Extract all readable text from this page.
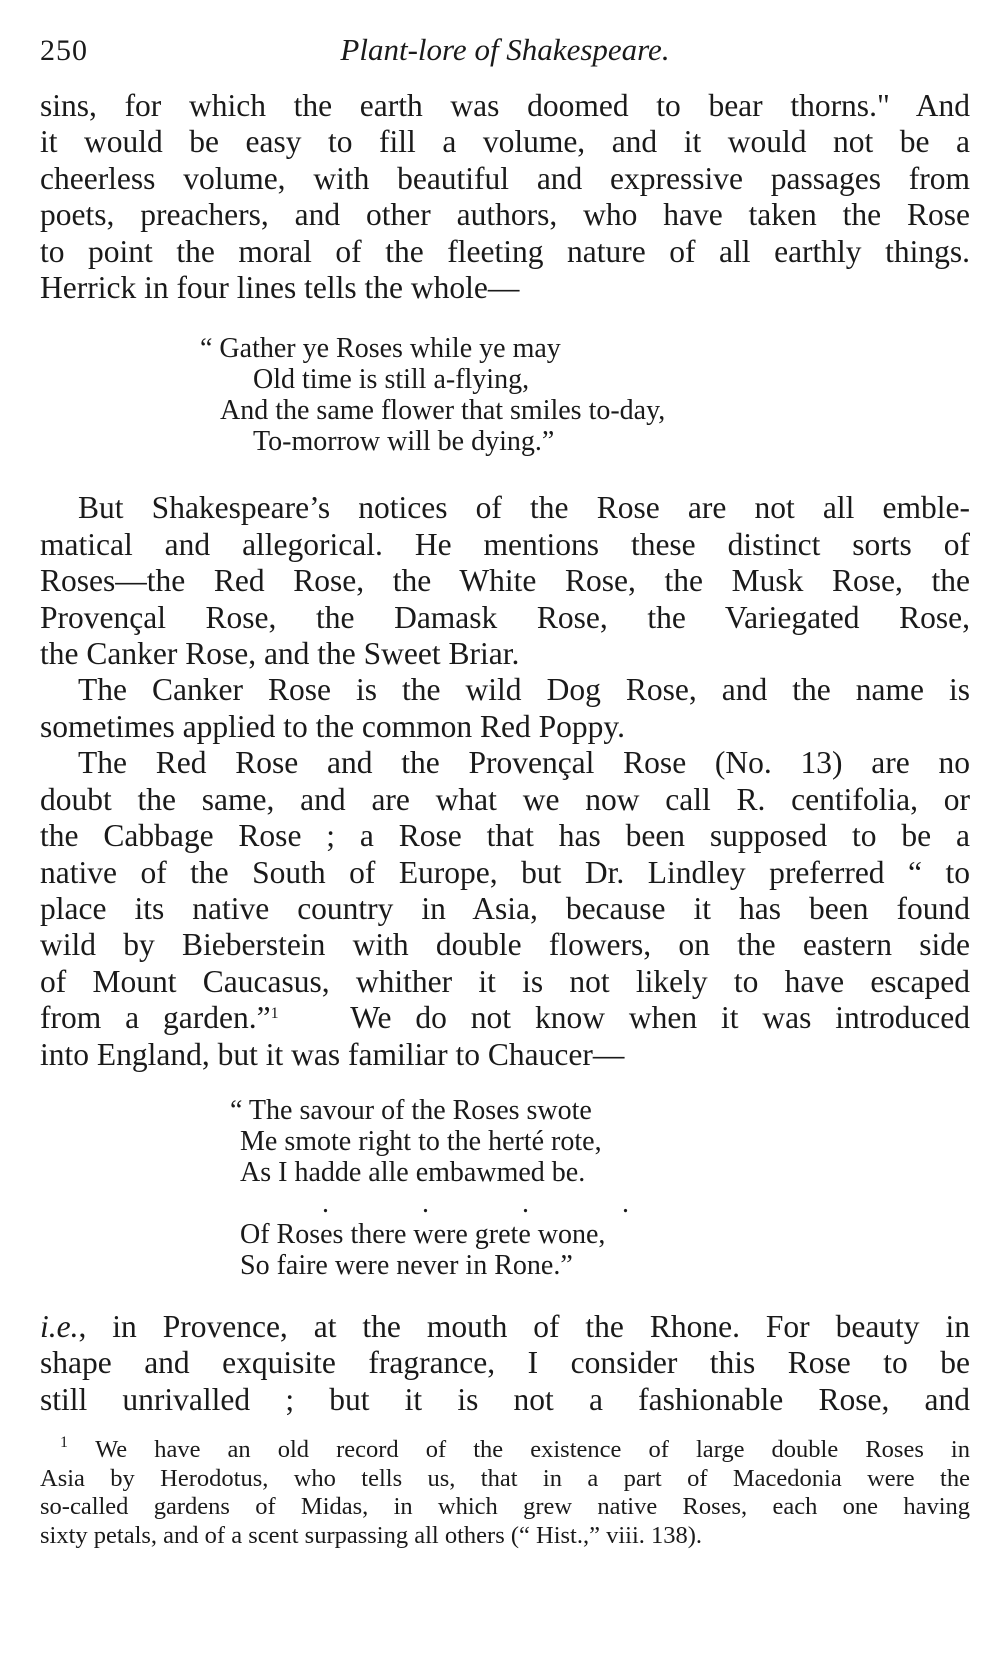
250	Plant-lore of Shakespeare.

sins, for which the earth was doomed to bear thorns." And
it would be easy to fill a volume, and it would not be a
cheerless volume, with beautiful and expressive passages from
poets, preachers, and other authors, who have taken the Rose
to point the moral of the fleeting nature of all earthly things.
Herrick in four lines tells the whole—

“ Gather ye Roses while ye may
Old time is still a-flying,
And the same flower that smiles to-day,
To-morrow will be dying.”

But Shakespeare’s notices of the Rose are not all emble-
matical and allegorical. He mentions these distinct sorts of
Roses—the Red Rose, the White Rose, the Musk Rose, the
Provençal Rose, the Damask Rose, the Variegated Rose,
the Canker Rose, and the Sweet Briar.

The Canker Rose is the wild Dog Rose, and the name is
sometimes applied to the common Red Poppy.

The Red Rose and the Provençal Rose (No. 13) are no
doubt the same, and are what we now call R. centifolia, or
the Cabbage Rose ; a Rose that has been supposed to be a
native of the South of Europe, but Dr. Lindley preferred “ to
place its native country in Asia, because it has been found
wild by Bieberstein with double flowers, on the eastern side
of Mount Caucasus, whither it is not likely to have escaped
from a garden.”$^1$ We do not know when it was introduced
into England, but it was familiar to Chaucer—

“ The savour of the Roses swote
Me smote right to the herté rote,
As I hadde alle embawmed be.
.	.	.	.
Of Roses there were grete wone,
So faire were never in Rone.”

i.e., in Provence, at the mouth of the Rhone. For beauty in
shape and exquisite fragrance, I consider this Rose to be
still unrivalled ; but it is not a fashionable Rose, and

$^1$ We have an old record of the existence of large double Roses in
Asia by Herodotus, who tells us, that in a part of Macedonia were the
so-called gardens of Midas, in which grew native Roses, each one having
sixty petals, and of a scent surpassing all others (“ Hist.,” viii. 138).
